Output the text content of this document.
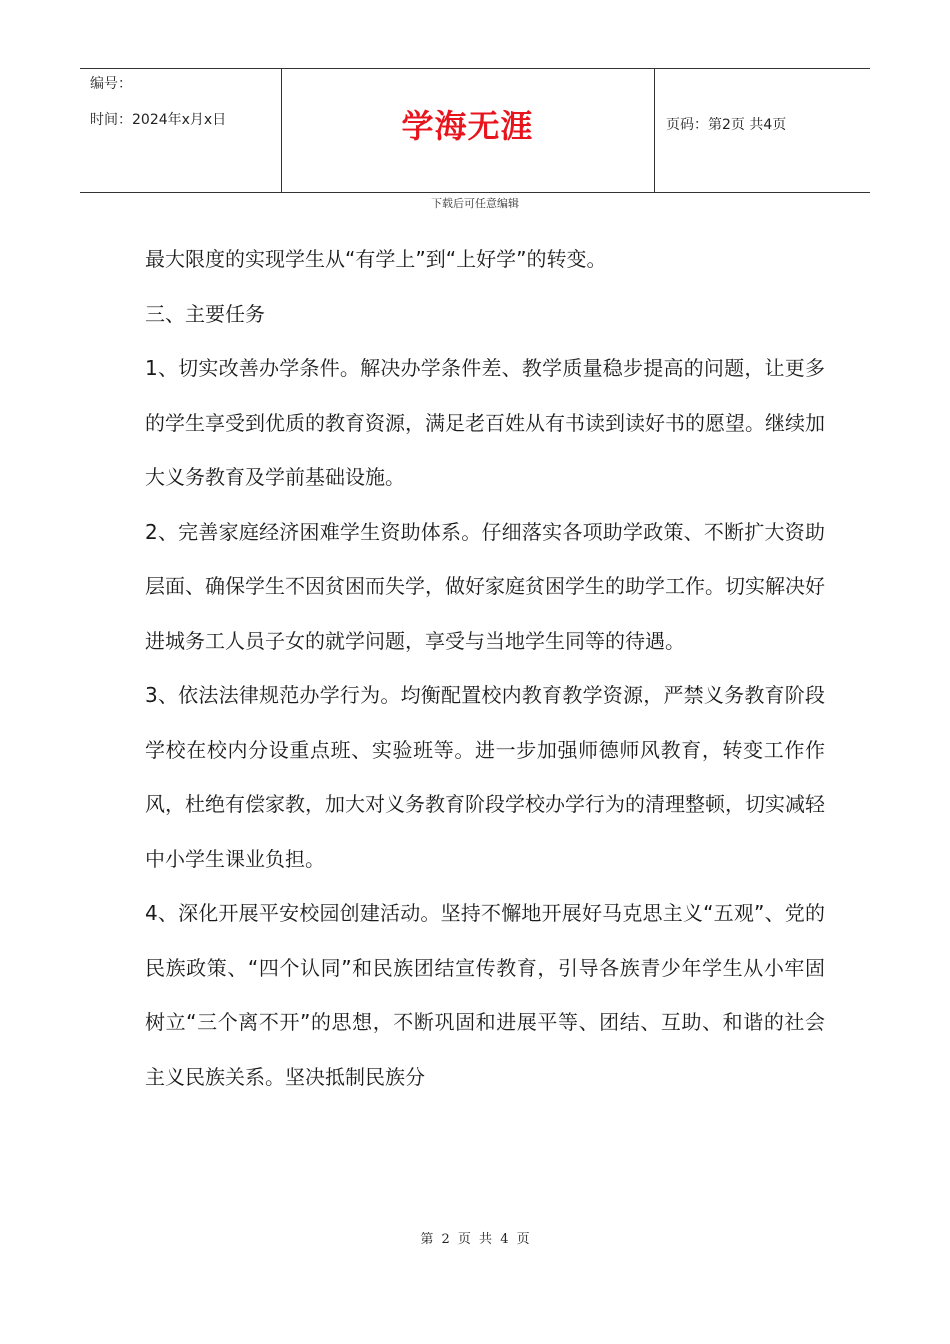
编号：
时间：2024年x月x日	学海无涯	页码：第2页 共4页
下载后可任意编辑

最大限度的实现学生从“有学上”到“上好学”的转变。

三、主要任务

1、切实改善办学条件。解决办学条件差、教学质量稳步提高的问题，让更多的学生享受到优质的教育资源，满足老百姓从有书读到读好书的愿望。继续加大义务教育及学前基础设施。

2、完善家庭经济困难学生资助体系。仔细落实各项助学政策、不断扩大资助层面、确保学生不因贫困而失学，做好家庭贫困学生的助学工作。切实解决好进城务工人员子女的就学问题，享受与当地学生同等的待遇。

3、依法法律规范办学行为。均衡配置校内教育教学资源，严禁义务教育阶段学校在校内分设重点班、实验班等。进一步加强师德师风教育，转变工作作风，杜绝有偿家教，加大对义务教育阶段学校办学行为的清理整顿，切实减轻中小学生课业负担。

4、深化开展平安校园创建活动。坚持不懈地开展好马克思主义“五观”、党的民族政策、“四个认同”和民族团结宣传教育，引导各族青少年学生从小牢固树立“三个离不开”的思想，不断巩固和进展平等、团结、互助、和谐的社会主义民族关系。坚决抵制民族分

第 2 页 共 4 页
